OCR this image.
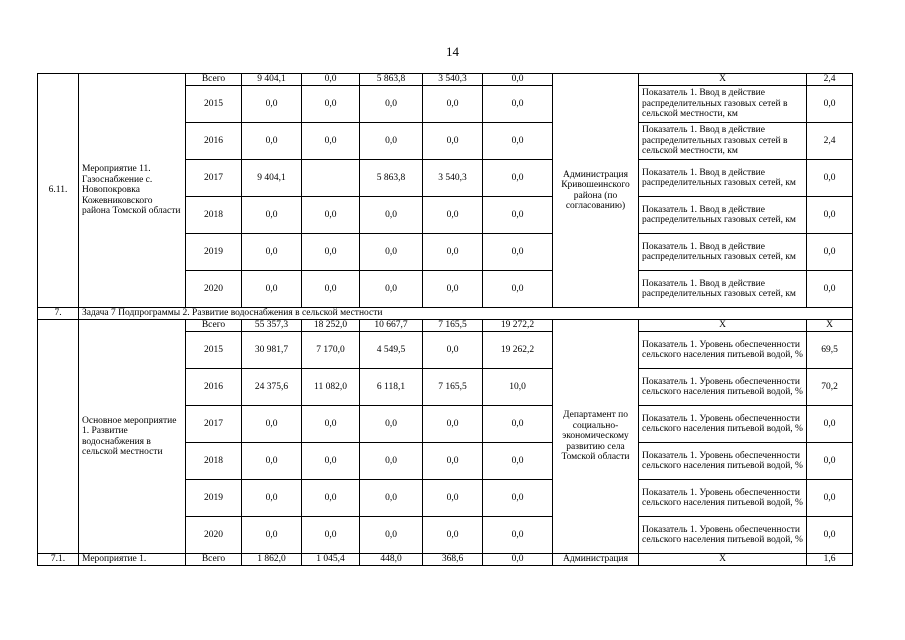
14
6.11.	Мероприятие 11. Газоснабжение с. Новопокровка Кожевниковского района Томской области	Всего	9 404,1	0,0	5 863,8	3 540,3	0,0	Администрация Кривошеинского района (по согласованию)	Х	2,4
		2015	0,0	0,0	0,0	0,0	0,0		Показатель 1. Ввод в действие распределительных газовых сетей в сельской местности, км	0,0
		2016	0,0	0,0	0,0	0,0	0,0		Показатель 1. Ввод в действие распределительных газовых сетей в сельской местности, км	2,4
		2017	9 404,1		5 863,8	3 540,3	0,0		Показатель 1. Ввод в действие распределительных газовых сетей, км	0,0
		2018	0,0	0,0	0,0	0,0	0,0		Показатель 1. Ввод в действие распределительных газовых сетей, км	0,0
		2019	0,0	0,0	0,0	0,0	0,0		Показатель 1. Ввод в действие распределительных газовых сетей, км	0,0
		2020	0,0	0,0	0,0	0,0	0,0		Показатель 1. Ввод в действие распределительных газовых сетей, км	0,0
7.	Задача 7 Подпрограммы 2. Развитие водоснабжения в сельской местности									
	Основное мероприятие 1. Развитие водоснабжения в сельской местности	Всего	55 357,3	18 252,0	10 667,7	7 165,5	19 272,2	Департамент по социально-экономическому развитию села Томской области	Х	Х
		2015	30 981,7	7 170,0	4 549,5	0,0	19 262,2		Показатель 1. Уровень обеспеченности сельского населения питьевой водой, %	69,5
		2016	24 375,6	11 082,0	6 118,1	7 165,5	10,0		Показатель 1. Уровень обеспеченности сельского населения питьевой водой, %	70,2
		2017	0,0	0,0	0,0	0,0	0,0		Показатель 1. Уровень обеспеченности сельского населения питьевой водой, %	0,0
		2018	0,0	0,0	0,0	0,0	0,0		Показатель 1. Уровень обеспеченности сельского населения питьевой водой, %	0,0
		2019	0,0	0,0	0,0	0,0	0,0		Показатель 1. Уровень обеспеченности сельского населения питьевой водой, %	0,0
		2020	0,0	0,0	0,0	0,0	0,0		Показатель 1. Уровень обеспеченности сельского населения питьевой водой, %	0,0
7.1.	Мероприятие 1.	Всего	1 862,0	1 045,4	448,0	368,6	0,0	Администрация	Х	1,6
